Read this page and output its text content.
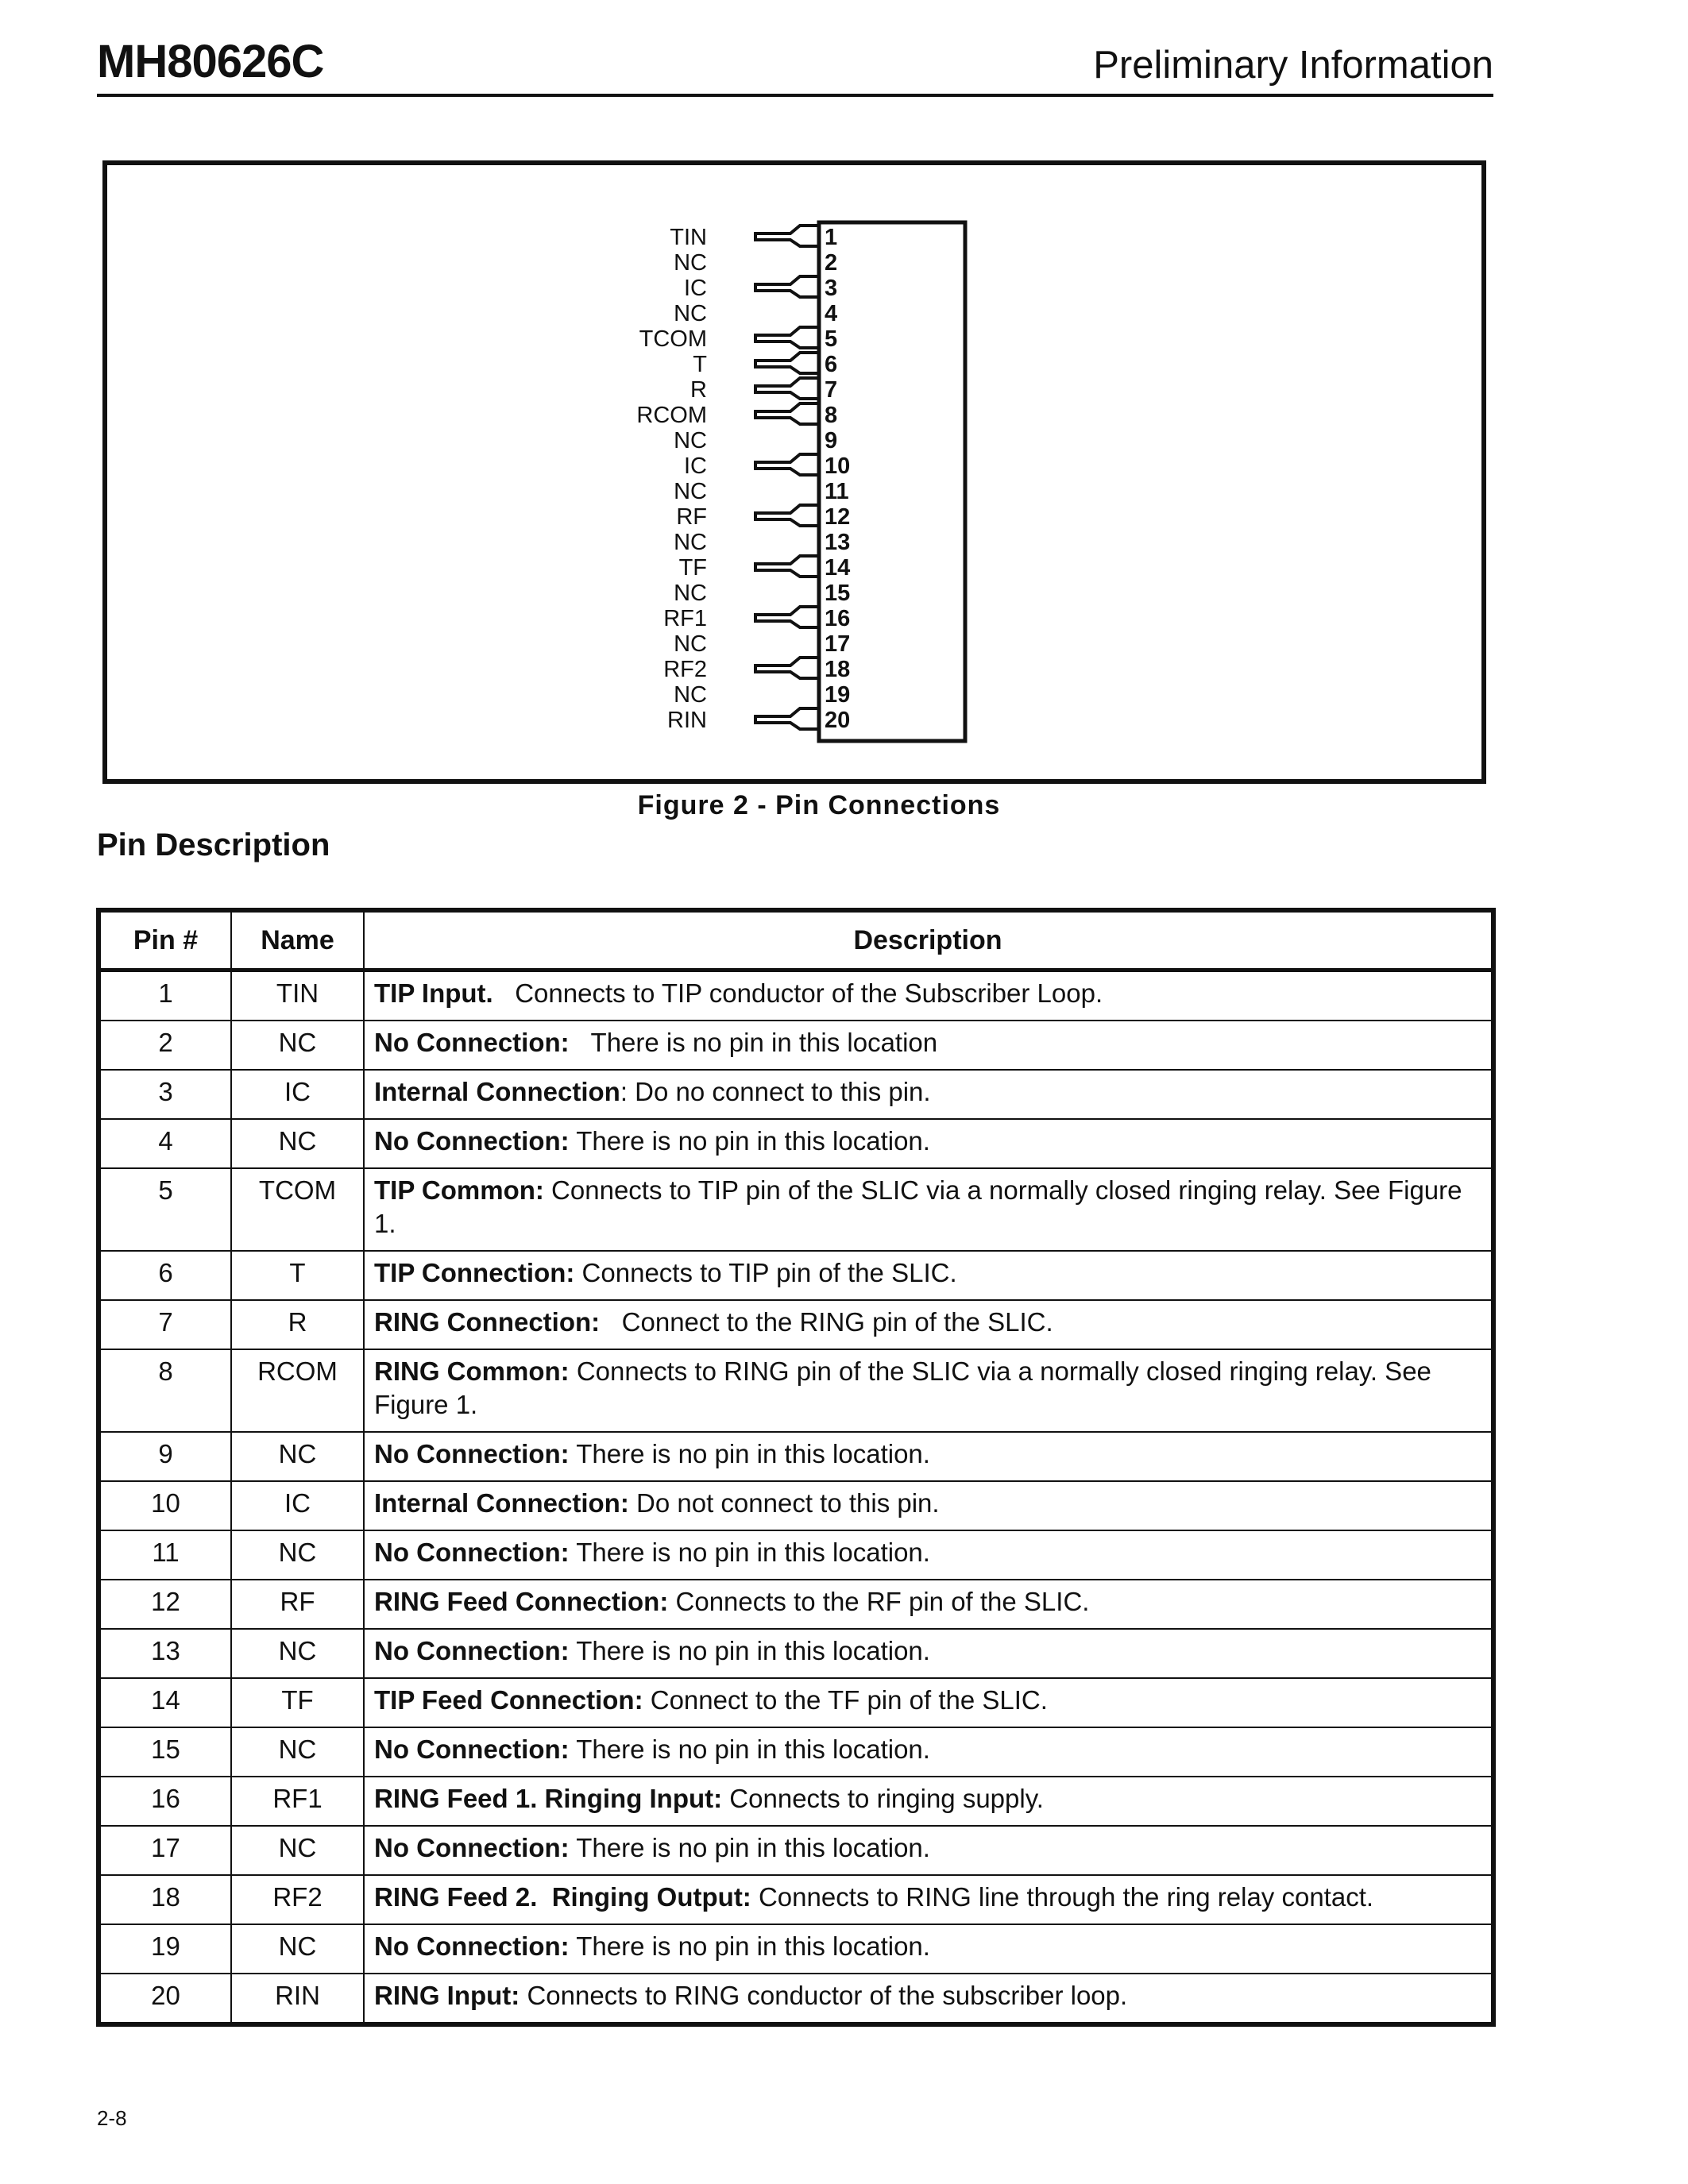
MH80626C	Preliminary Information
TIN	1
NC	2
IC	3
NC	4
TCOM	5
T	6
R	7
RCOM	8
NC	9
IC	10
NC	11
RF	12
NC	13
TF	14
NC	15
RF1	16
NC	17
RF2	18
NC	19
RIN	20
Figure 2 - Pin Connections
Pin Description
Pin #	Name	Description
1	TIN	TIP Input.   Connects to TIP conductor of the Subscriber Loop.
2	NC	No Connection:   There is no pin in this location
3	IC	Internal Connection: Do no connect to this pin.
4	NC	No Connection: There is no pin in this location.
5	TCOM	TIP Common: Connects to TIP pin of the SLIC via a normally closed ringing relay. See Figure 1.
6	T	TIP Connection: Connects to TIP pin of the SLIC.
7	R	RING Connection:   Connect to the RING pin of the SLIC.
8	RCOM	RING Common: Connects to RING pin of the SLIC via a normally closed ringing relay. See Figure 1.
9	NC	No Connection: There is no pin in this location.
10	IC	Internal Connection: Do not connect to this pin.
11	NC	No Connection: There is no pin in this location.
12	RF	RING Feed Connection: Connects to the RF pin of the SLIC.
13	NC	No Connection: There is no pin in this location.
14	TF	TIP Feed Connection: Connect to the TF pin of the SLIC.
15	NC	No Connection: There is no pin in this location.
16	RF1	RING Feed 1. Ringing Input: Connects to ringing supply.
17	NC	No Connection: There is no pin in this location.
18	RF2	RING Feed 2.  Ringing Output: Connects to RING line through the ring relay contact.
19	NC	No Connection: There is no pin in this location.
20	RIN	RING Input: Connects to RING conductor of the subscriber loop.
2-8
